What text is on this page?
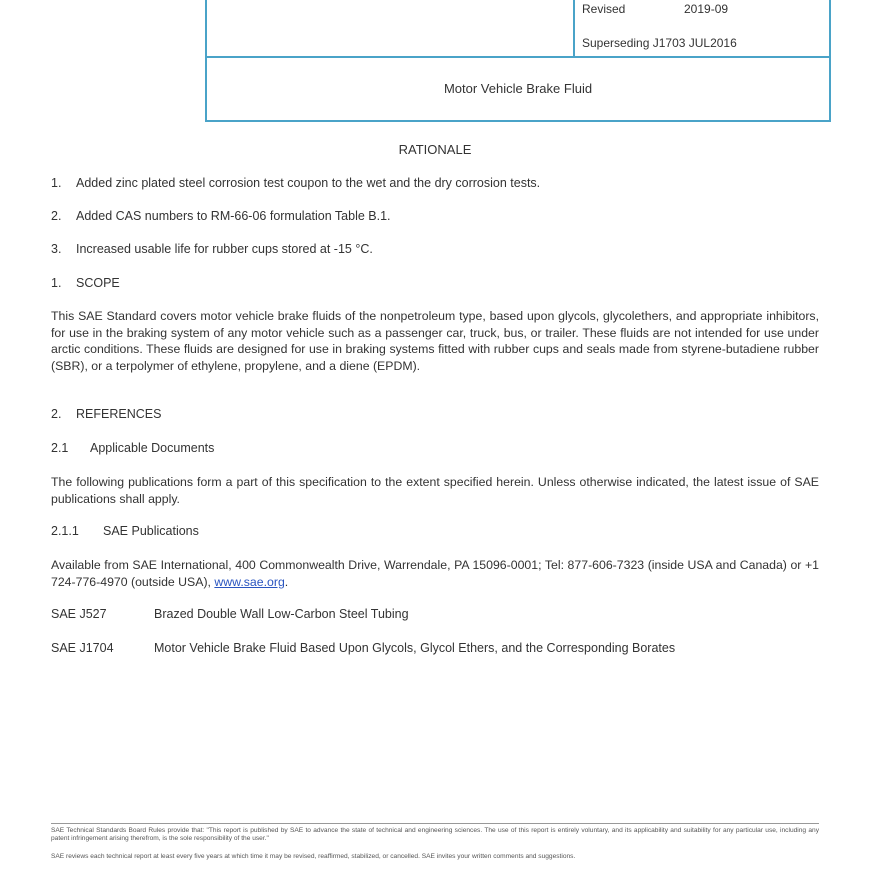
Revised	2019-09
Superseding J1703 JUL2016
Motor Vehicle Brake Fluid
RATIONALE
1. Added zinc plated steel corrosion test coupon to the wet and the dry corrosion tests.
2. Added CAS numbers to RM-66-06 formulation Table B.1.
3. Increased usable life for rubber cups stored at -15 °C.
1. SCOPE
This SAE Standard covers motor vehicle brake fluids of the nonpetroleum type, based upon glycols, glycolethers, and appropriate inhibitors, for use in the braking system of any motor vehicle such as a passenger car, truck, bus, or trailer. These fluids are not intended for use under arctic conditions. These fluids are designed for use in braking systems fitted with rubber cups and seals made from styrene-butadiene rubber (SBR), or a terpolymer of ethylene, propylene, and a diene (EPDM).
2. REFERENCES
2.1 Applicable Documents
The following publications form a part of this specification to the extent specified herein. Unless otherwise indicated, the latest issue of SAE publications shall apply.
2.1.1 SAE Publications
Available from SAE International, 400 Commonwealth Drive, Warrendale, PA 15096-0001; Tel: 877-606-7323 (inside USA and Canada) or +1 724-776-4970 (outside USA), www.sae.org.
SAE J527	Brazed Double Wall Low-Carbon Steel Tubing
SAE J1704	Motor Vehicle Brake Fluid Based Upon Glycols, Glycol Ethers, and the Corresponding Borates
SAE Technical Standards Board Rules provide that: "This report is published by SAE to advance the state of technical and engineering sciences. The use of this report is entirely voluntary, and its applicability and suitability for any particular use, including any patent infringement arising therefrom, is the sole responsibility of the user."
SAE reviews each technical report at least every five years at which time it may be revised, reaffirmed, stabilized, or cancelled. SAE invites your written comments and suggestions.
